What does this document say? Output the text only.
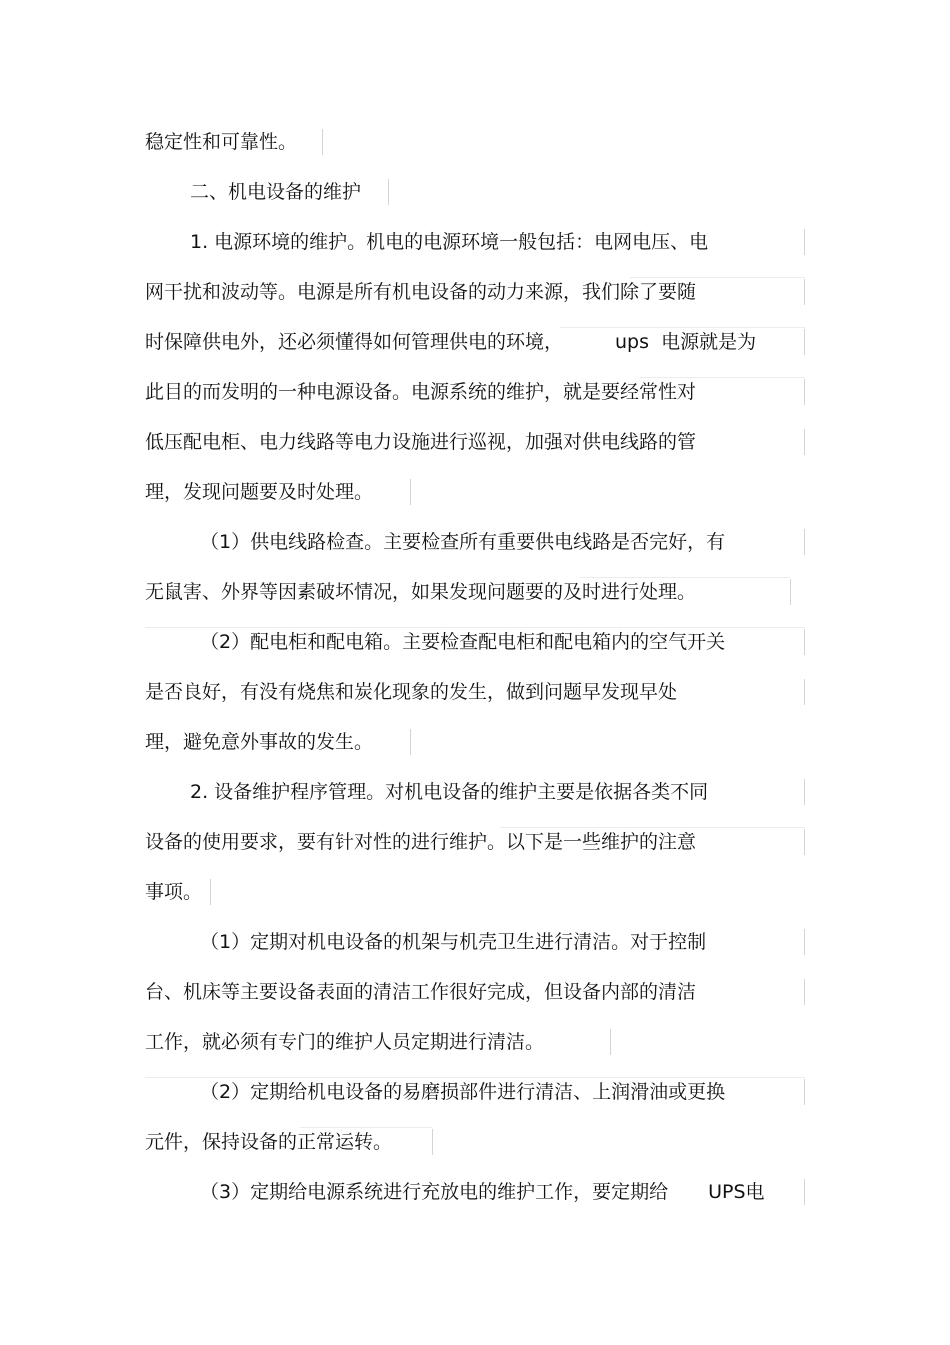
稳定性和可靠性。
二、机电设备的维护
1. 电源环境的维护。机电的电源环境一般包括：电网电压、电
网干扰和波动等。电源是所有机电设备的动力来源，我们除了要随
时保障供电外，还必须懂得如何管理供电的环境，	ups 电源就是为
此目的而发明的一种电源设备。电源系统的维护，就是要经常性对
低压配电柜、电力线路等电力设施进行巡视，加强对供电线路的管
理，发现问题要及时处理。
（1）供电线路检查。主要检查所有重要供电线路是否完好，有
无鼠害、外界等因素破坏情况，如果发现问题要的及时进行处理。
（2）配电柜和配电箱。主要检查配电柜和配电箱内的空气开关
是否良好，有没有烧焦和炭化现象的发生，做到问题早发现早处
理，避免意外事故的发生。
2. 设备维护程序管理。对机电设备的维护主要是依据各类不同
设备的使用要求，要有针对性的进行维护。以下是一些维护的注意
事项。
（1）定期对机电设备的机架与机壳卫生进行清洁。对于控制
台、机床等主要设备表面的清洁工作很好完成，但设备内部的清洁
工作，就必须有专门的维护人员定期进行清洁。
（2）定期给机电设备的易磨损部件进行清洁、上润滑油或更换
元件，保持设备的正常运转。
（3）定期给电源系统进行充放电的维护工作，要定期给 UPS电
